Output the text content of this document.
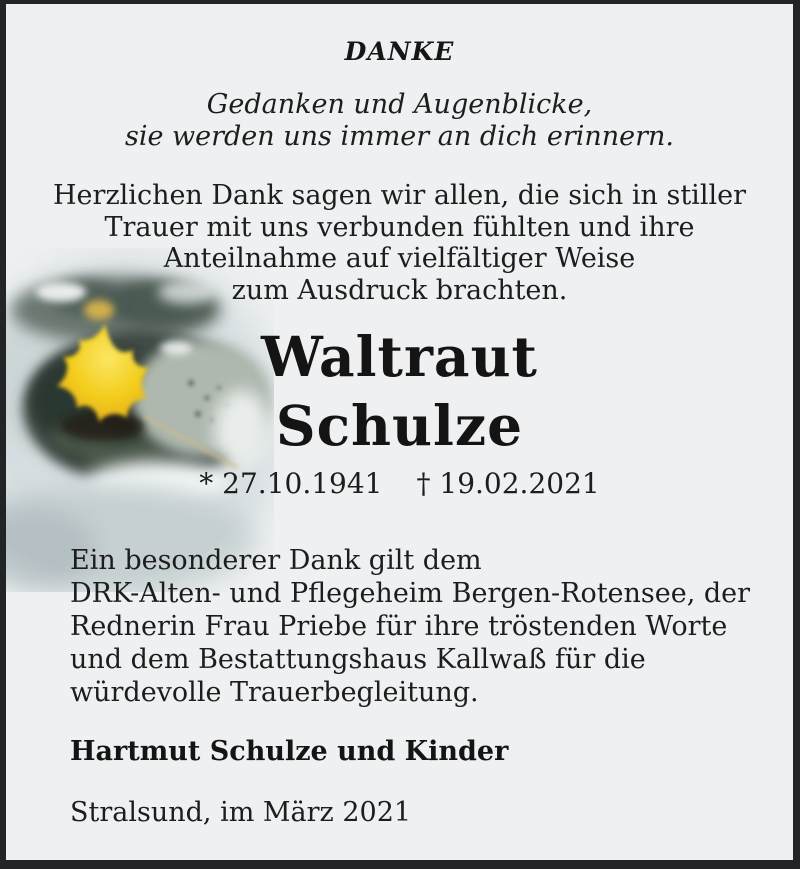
DANKE
Gedanken und Augenblicke,
sie werden uns immer an dich erinnern.
Herzlichen Dank sagen wir allen, die sich in stiller
Trauer mit uns verbunden fühlten und ihre
Anteilnahme auf vielfältiger Weise
zum Ausdruck brachten.
Waltraut
Schulze
* 27.10.1941 † 19.02.2021
Ein besonderer Dank gilt dem
DRK-Alten- und Pflegeheim Bergen-Rotensee, der
Rednerin Frau Priebe für ihre tröstenden Worte
und dem Bestattungshaus Kallwaß für die
würdevolle Trauerbegleitung.
Hartmut Schulze und Kinder
Stralsund, im März 2021
